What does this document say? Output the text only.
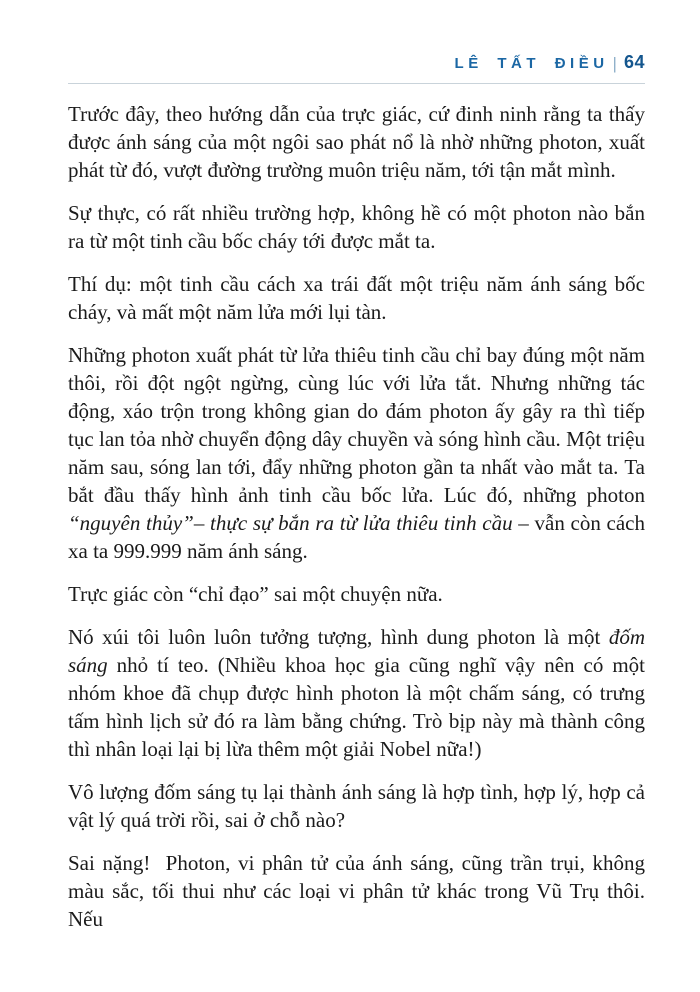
LÊ TẤT ĐIỀU | 64

Trước đây, theo hướng dẫn của trực giác, cứ đinh ninh rằng ta thấy được ánh sáng của một ngôi sao phát nổ là nhờ những photon, xuất phát từ đó, vượt đường trường muôn triệu năm, tới tận mắt mình.

Sự thực, có rất nhiều trường hợp, không hề có một photon nào bắn ra từ một tinh cầu bốc cháy tới được mắt ta.

Thí dụ: một tinh cầu cách xa trái đất một triệu năm ánh sáng bốc cháy, và mất một năm lửa mới lụi tàn.

Những photon xuất phát từ lửa thiêu tinh cầu chỉ bay đúng một năm thôi, rồi đột ngột ngừng, cùng lúc với lửa tắt. Nhưng những tác động, xáo trộn trong không gian do đám photon ấy gây ra thì tiếp tục lan tỏa nhờ chuyển động dây chuyền và sóng hình cầu. Một triệu năm sau, sóng lan tới, đẩy những photon gần ta nhất vào mắt ta. Ta bắt đầu thấy hình ảnh tinh cầu bốc lửa. Lúc đó, những photon “nguyên thủy”– thực sự bắn ra từ lửa thiêu tinh cầu – vẫn còn cách xa ta 999.999 năm ánh sáng.

Trực giác còn “chỉ đạo” sai một chuyện nữa.

Nó xúi tôi luôn luôn tưởng tượng, hình dung photon là một đốm sáng nhỏ tí teo. (Nhiều khoa học gia cũng nghĩ vậy nên có một nhóm khoe đã chụp được hình photon là một chấm sáng, có trưng tấm hình lịch sử đó ra làm bằng chứng. Trò bịp này mà thành công thì nhân loại lại bị lừa thêm một giải Nobel nữa!)

Vô lượng đốm sáng tụ lại thành ánh sáng là hợp tình, hợp lý, hợp cả vật lý quá trời rồi, sai ở chỗ nào?

Sai nặng!  Photon, vi phân tử của ánh sáng, cũng trần trụi, không màu sắc, tối thui như các loại vi phân tử khác trong Vũ Trụ thôi. Nếu
